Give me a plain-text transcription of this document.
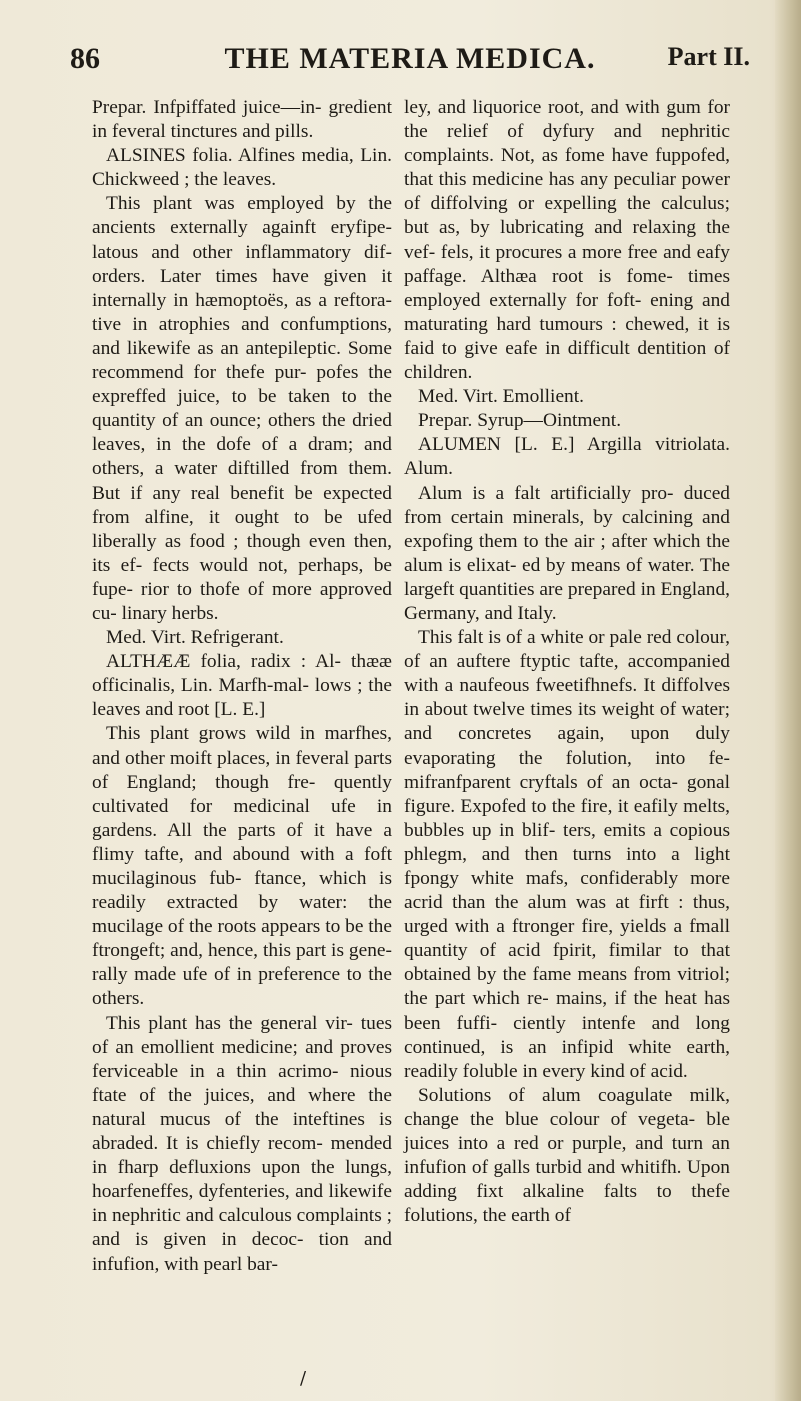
86	THE MATERIA MEDICA.	Part II.

Prepar. Infpiffated juice—in- gredient in feveral tinctures and pills.

ALSINES folia. Alfines media, Lin. Chickweed ; the leaves.

This plant was employed by the ancients externally againft eryfipe- latous and other inflammatory dif- orders. Later times have given it internally in hæmoptoës, as a reftora- tive in atrophies and confumptions, and likewife as an antepileptic. Some recommend for thefe pur- pofes the expreffed juice, to be taken to the quantity of an ounce; others the dried leaves, in the dofe of a dram; and others, a water diftilled from them. But if any real benefit be expected from alfine, it ought to be ufed liberally as food ; though even then, its ef- fects would not, perhaps, be fupe- rior to thofe of more approved cu- linary herbs.

Med. Virt. Refrigerant.

ALTHÆÆ folia, radix : Al- thææ officinalis, Lin. Marfh-mal- lows ; the leaves and root [L. E.]

This plant grows wild in marfhes, and other moift places, in feveral parts of England; though fre- quently cultivated for medicinal ufe in gardens. All the parts of it have a flimy tafte, and abound with a foft mucilaginous fub- ftance, which is readily extracted by water: the mucilage of the roots appears to be the ftrongeft; and, hence, this part is gene- rally made ufe of in preference to the others.

This plant has the general vir- tues of an emollient medicine; and proves ferviceable in a thin acrimo- nious ftate of the juices, and where the natural mucus of the inteftines is abraded. It is chiefly recom- mended in fharp defluxions upon the lungs, hoarfeneffes, dyfenteries, and likewife in nephritic and calculous complaints ; and is given in decoc- tion and infufion, with pearl bar-

ley, and liquorice root, and with gum for the relief of dyfury and nephritic complaints. Not, as fome have fuppofed, that this medicine has any peculiar power of diffolving or expelling the calculus; but as, by lubricating and relaxing the vef- fels, it procures a more free and eafy paffage. Althæa root is fome- times employed externally for foft- ening and maturating hard tumours : chewed, it is faid to give eafe in difficult dentition of children.

Med. Virt. Emollient.

Prepar. Syrup—Ointment.

ALUMEN [L. E.] Argilla vitriolata. Alum.

Alum is a falt artificially pro- duced from certain minerals, by calcining and expofing them to the air ; after which the alum is elixat- ed by means of water. The largeft quantities are prepared in England, Germany, and Italy.

This falt is of a white or pale red colour, of an auftere ftyptic tafte, accompanied with a naufeous fweetifhnefs. It diffolves in about twelve times its weight of water; and concretes again, upon duly evaporating the folution, into fe- mifranfparent cryftals of an octa- gonal figure. Expofed to the fire, it eafily melts, bubbles up in blif- ters, emits a copious phlegm, and then turns into a light fpongy white mafs, confiderably more acrid than the alum was at firft : thus, urged with a ftronger fire, yields a fmall quantity of acid fpirit, fimilar to that obtained by the fame means from vitriol; the part which re- mains, if the heat has been fuffi- ciently intenfe and long continued, is an infipid white earth, readily foluble in every kind of acid.

Solutions of alum coagulate milk, change the blue colour of vegeta- ble juices into a red or purple, and turn an infufion of galls turbid and whitifh. Upon adding fixt alkaline falts to thefe folutions, the earth of

/
